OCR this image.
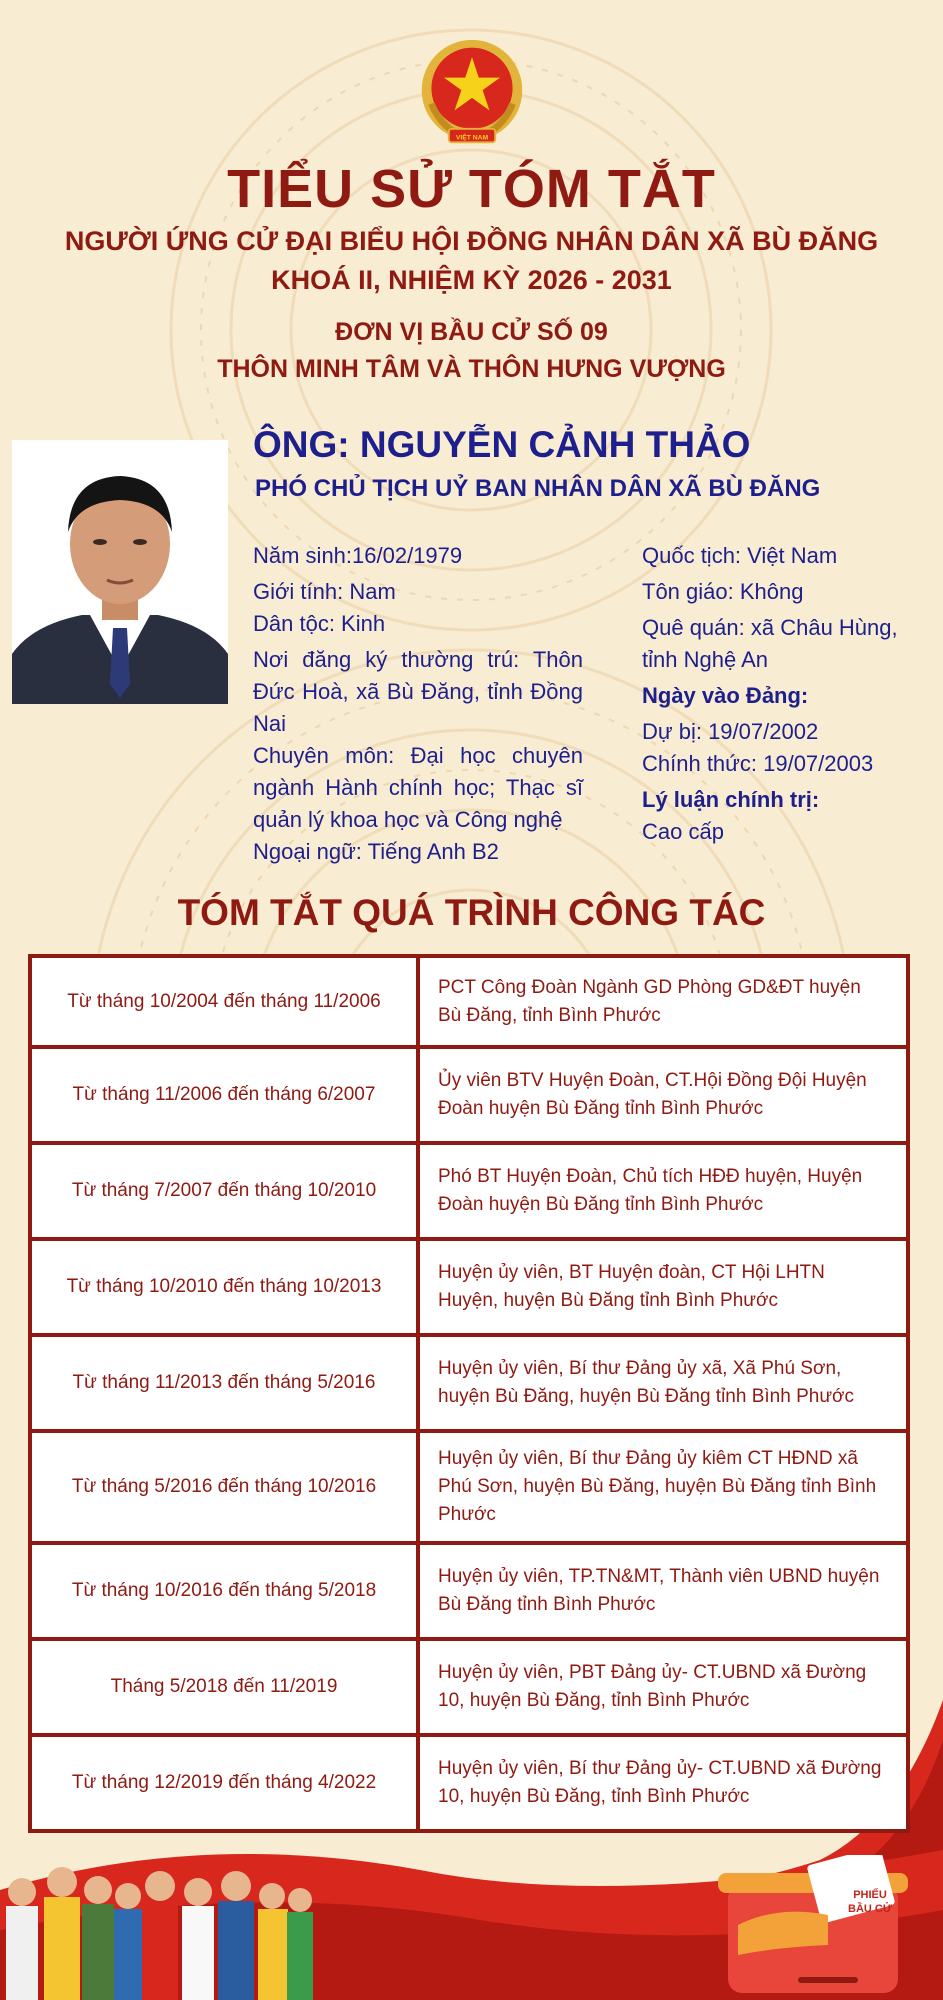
VIỆT NAM
TIỂU SỬ TÓM TẮT
NGƯỜI ỨNG CỬ ĐẠI BIỂU HỘI ĐỒNG NHÂN DÂN XÃ BÙ ĐĂNG
KHOÁ II, NHIỆM KỲ 2026 - 2031
ĐƠN VỊ BẦU CỬ SỐ 09
THÔN MINH TÂM VÀ THÔN HƯNG VƯỢNG
ÔNG: NGUYỄN CẢNH THẢO
PHÓ CHỦ TỊCH UỶ BAN NHÂN DÂN XÃ BÙ ĐĂNG

Năm sinh:16/02/1979

Giới tính: Nam

Dân tộc: Kinh

Nơi đăng ký thường trú: Thôn Đức Hoà, xã Bù Đăng, tỉnh Đồng Nai

Chuyên môn: Đại học chuyên ngành Hành chính học; Thạc sĩ quản lý khoa học và Công nghệ

Ngoại ngữ: Tiếng Anh B2

Quốc tịch: Việt Nam

Tôn giáo: Không

Quê quán: xã Châu Hùng, tỉnh Nghệ An

Ngày vào Đảng:

Dự bị: 19/07/2002

Chính thức: 19/07/2003

Lý luận chính trị:

Cao cấp

TÓM TẮT QUÁ TRÌNH CÔNG TÁC
Từ tháng 10/2004 đến tháng 11/2006	PCT Công Đoàn Ngành GD Phòng GD&ĐT huyện Bù Đăng, tỉnh Bình Phước
Từ tháng 11/2006 đến tháng 6/2007	Ủy viên BTV Huyện Đoàn, CT.Hội Đồng Đội Huyện Đoàn huyện Bù Đăng tỉnh Bình Phước
Từ tháng 7/2007 đến tháng 10/2010	Phó BT Huyện Đoàn, Chủ tích HĐĐ huyện, Huyện Đoàn huyện Bù Đăng tỉnh Bình Phước
Từ tháng 10/2010 đến tháng 10/2013	Huyện ủy viên, BT Huyện đoàn, CT Hội LHTN Huyện, huyện Bù Đăng tỉnh Bình Phước
Từ tháng 11/2013 đến tháng 5/2016	Huyện ủy viên, Bí thư Đảng ủy xã, Xã Phú Sơn, huyện Bù Đăng, huyện Bù Đăng tỉnh Bình Phước
Từ tháng 5/2016 đến tháng 10/2016	Huyện ủy viên, Bí thư Đảng ủy kiêm CT HĐND xã Phú Sơn, huyện Bù Đăng, huyện Bù Đăng tỉnh Bình Phước
Từ tháng 10/2016 đến tháng 5/2018	Huyện ủy viên, TP.TN&MT, Thành viên UBND huyện Bù Đăng tỉnh Bình Phước
Tháng 5/2018 đến 11/2019	Huyện ủy viên, PBT Đảng ủy- CT.UBND xã Đường 10, huyện Bù Đăng, tỉnh Bình Phước
Từ tháng 12/2019 đến tháng 4/2022	Huyện ủy viên, Bí thư Đảng ủy- CT.UBND xã Đường 10, huyện Bù Đăng, tỉnh Bình Phước
PHIẾU BẦU CỬ
